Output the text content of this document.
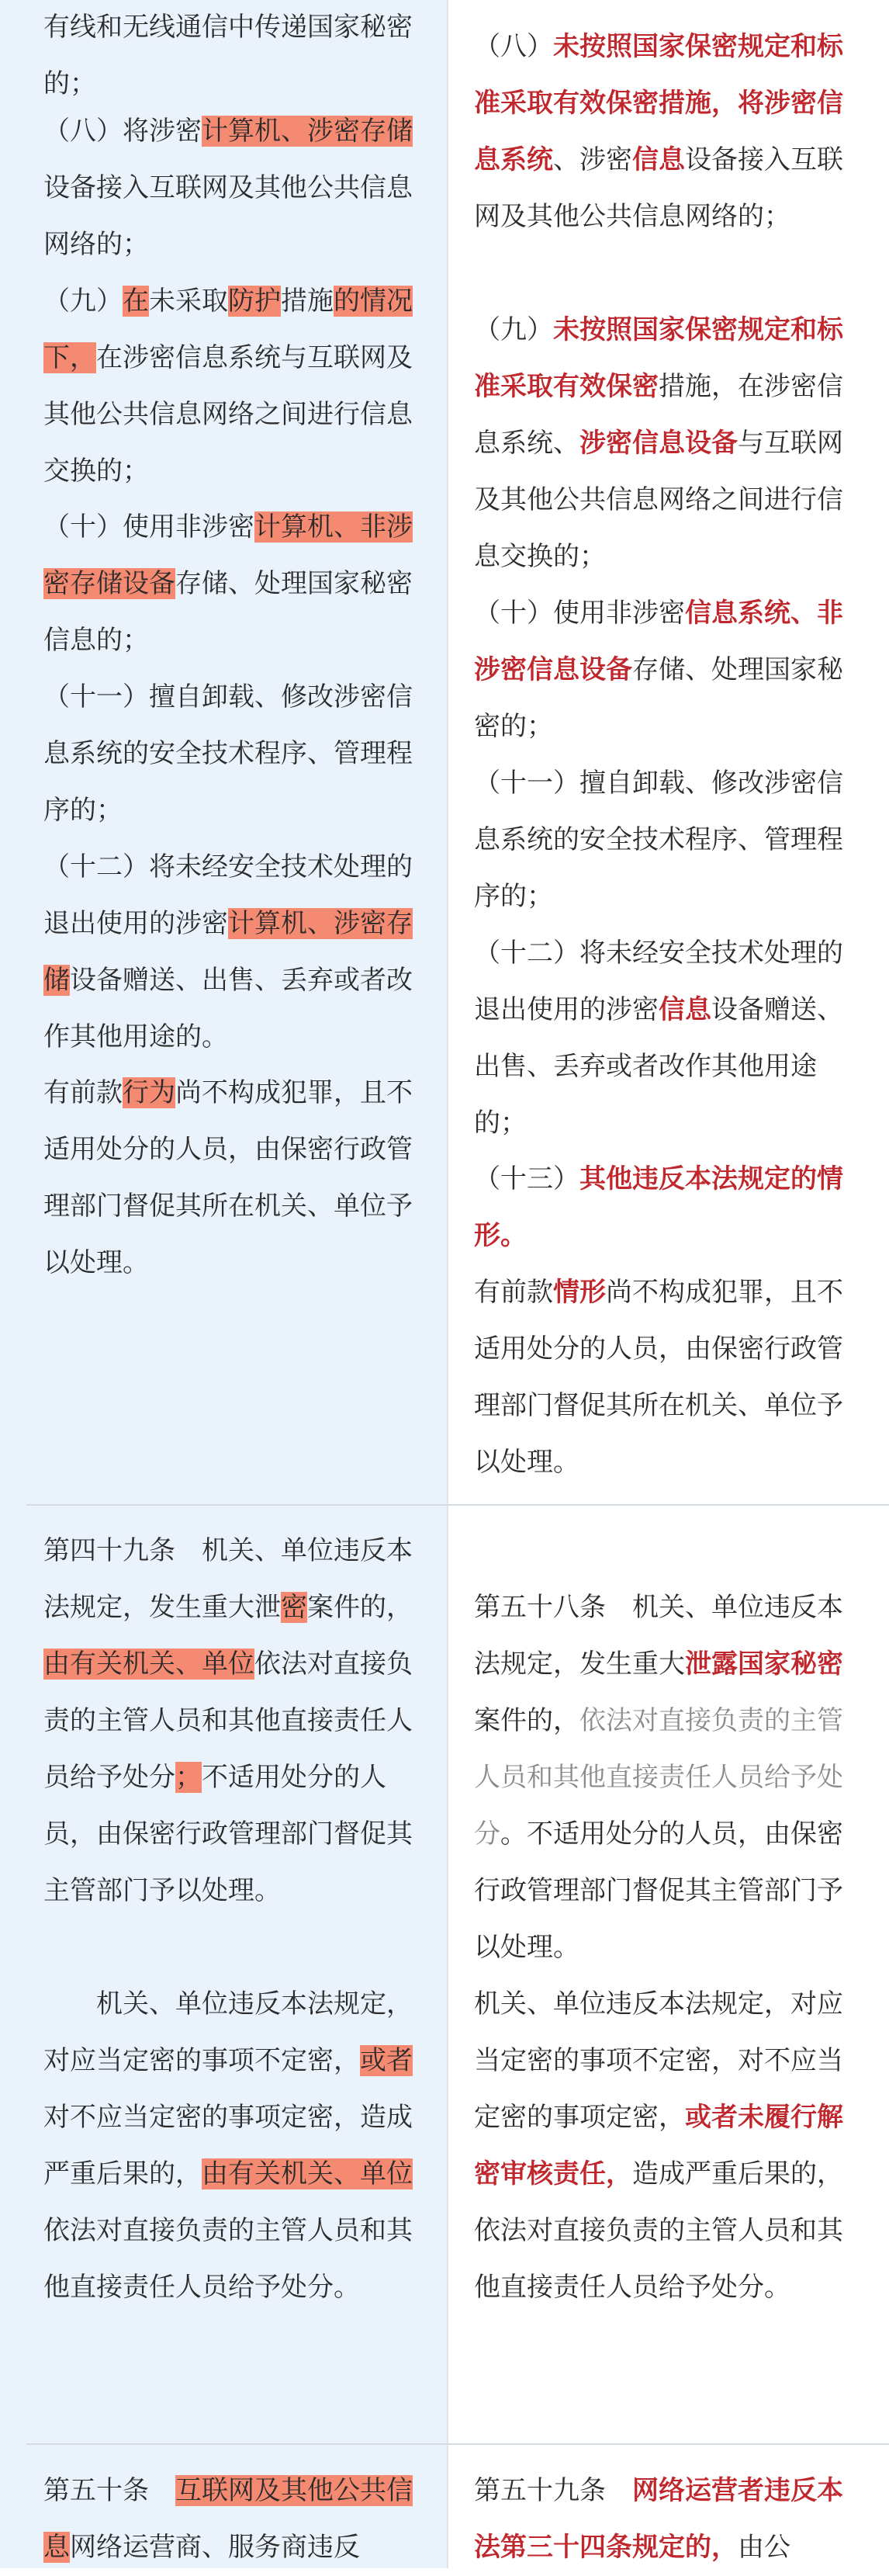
有线和无线通信中传递国家秘密的；

（八）将涉密计算机、涉密存储设备接入互联网及其他公共信息网络的；

（九）在未采取防护措施的情况下，在涉密信息系统与互联网及其他公共信息网络之间进行信息交换的；

（十）使用非涉密计算机、非涉密存储设备存储、处理国家秘密信息的；

（十一）擅自卸载、修改涉密信息系统的安全技术程序、管理程序的；

（十二）将未经安全技术处理的退出使用的涉密计算机、涉密存储设备赠送、出售、丢弃或者改作其他用途的。

有前款行为尚不构成犯罪，且不适用处分的人员，由保密行政管理部门督促其所在机关、单位予以处理。

第四十九条　机关、单位违反本法规定，发生重大泄密案件的，由有关机关、单位依法对直接负责的主管人员和其他直接责任人员给予处分；不适用处分的人员，由保密行政管理部门督促其主管部门予以处理。

机关、单位违反本法规定，对应当定密的事项不定密，或者对不应当定密的事项定密，造成严重后果的，由有关机关、单位依法对直接负责的主管人员和其他直接责任人员给予处分。

第五十条　互联网及其他公共信息网络运营商、服务商违反

（八）未按照国家保密规定和标准采取有效保密措施，将涉密信息系统、涉密信息设备接入互联网及其他公共信息网络的；

（九）未按照国家保密规定和标准采取有效保密措施，在涉密信息系统、涉密信息设备与互联网及其他公共信息网络之间进行信息交换的；

（十）使用非涉密信息系统、非涉密信息设备存储、处理国家秘密的；

（十一）擅自卸载、修改涉密信息系统的安全技术程序、管理程序的；

（十二）将未经安全技术处理的退出使用的涉密信息设备赠送、出售、丢弃或者改作其他用途的；

（十三）其他违反本法规定的情形。

有前款情形尚不构成犯罪，且不适用处分的人员，由保密行政管理部门督促其所在机关、单位予以处理。

第五十八条　机关、单位违反本法规定，发生重大泄露国家秘密案件的，依法对直接负责的主管人员和其他直接责任人员给予处分。不适用处分的人员，由保密行政管理部门督促其主管部门予以处理。

机关、单位违反本法规定，对应当定密的事项不定密，对不应当定密的事项定密，或者未履行解密审核责任，造成严重后果的，依法对直接负责的主管人员和其他直接责任人员给予处分。

第五十九条　网络运营者违反本法第三十四条规定的，由公
